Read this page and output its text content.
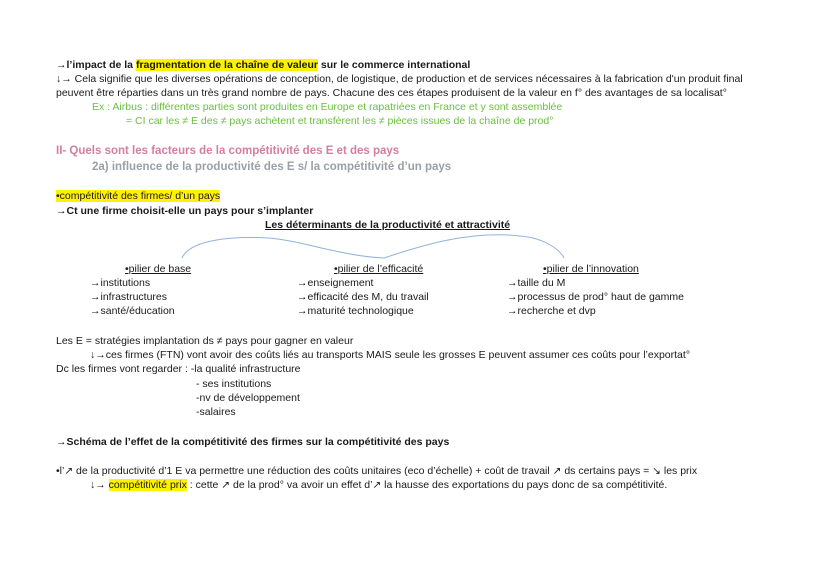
→l’impact de la fragmentation de la chaîne de valeur sur le commerce international
↓→ Cela signifie que les diverses opérations de conception, de logistique, de production et de services nécessaires à la fabrication d'un produit final
peuvent être réparties dans un très grand nombre de pays. Chacune des ces étapes produisent de la valeur en f° des avantages de sa localisat°
Ex : Airbus : différentes parties sont produites en Europe et rapatriées en France et y sont assemblée
= CI car les ≠ E des ≠ pays achètent et transfèrent les ≠ pièces issues de la chaîne de prod°
II- Quels sont les facteurs de la compétitivité des E et des pays
2a) influence de la productivité des E s/ la compétitivité d’un pays
•compétitivité des firmes/ d’un pays
→Ct une firme choisit-elle un pays pour s’implanter
Les déterminants de la productivité et attractivité
•pilier de base
→institutions
→infrastructures
→santé/éducation
•pilier de l’efficacité
→enseignement
→efficacité des M, du travail
→maturité technologique
•pilier de l’innovation
→taille du M
→processus de prod° haut de gamme
→recherche et dvp
Les E = stratégies implantation ds ≠ pays pour gagner en valeur
↓→ces firmes (FTN) vont avoir des coûts liés au transports MAIS seule les grosses E peuvent assumer ces coûts pour l’exportat°
Dc les firmes vont regarder : -la qualité infrastructure
- ses institutions
-nv de développement
-salaires
→Schéma de l’effet de la compétitivité des firmes sur la compétitivité des pays
•l’↗ de la productivité d’1 E va permettre une réduction des coûts unitaires (eco d’échelle) + coût de travail ↗ ds certains pays = ↘ les prix
↓→ compétitivité prix : cette ↗ de la prod° va avoir un effet d’↗ la hausse des exportations du pays donc de sa compétitivité.
